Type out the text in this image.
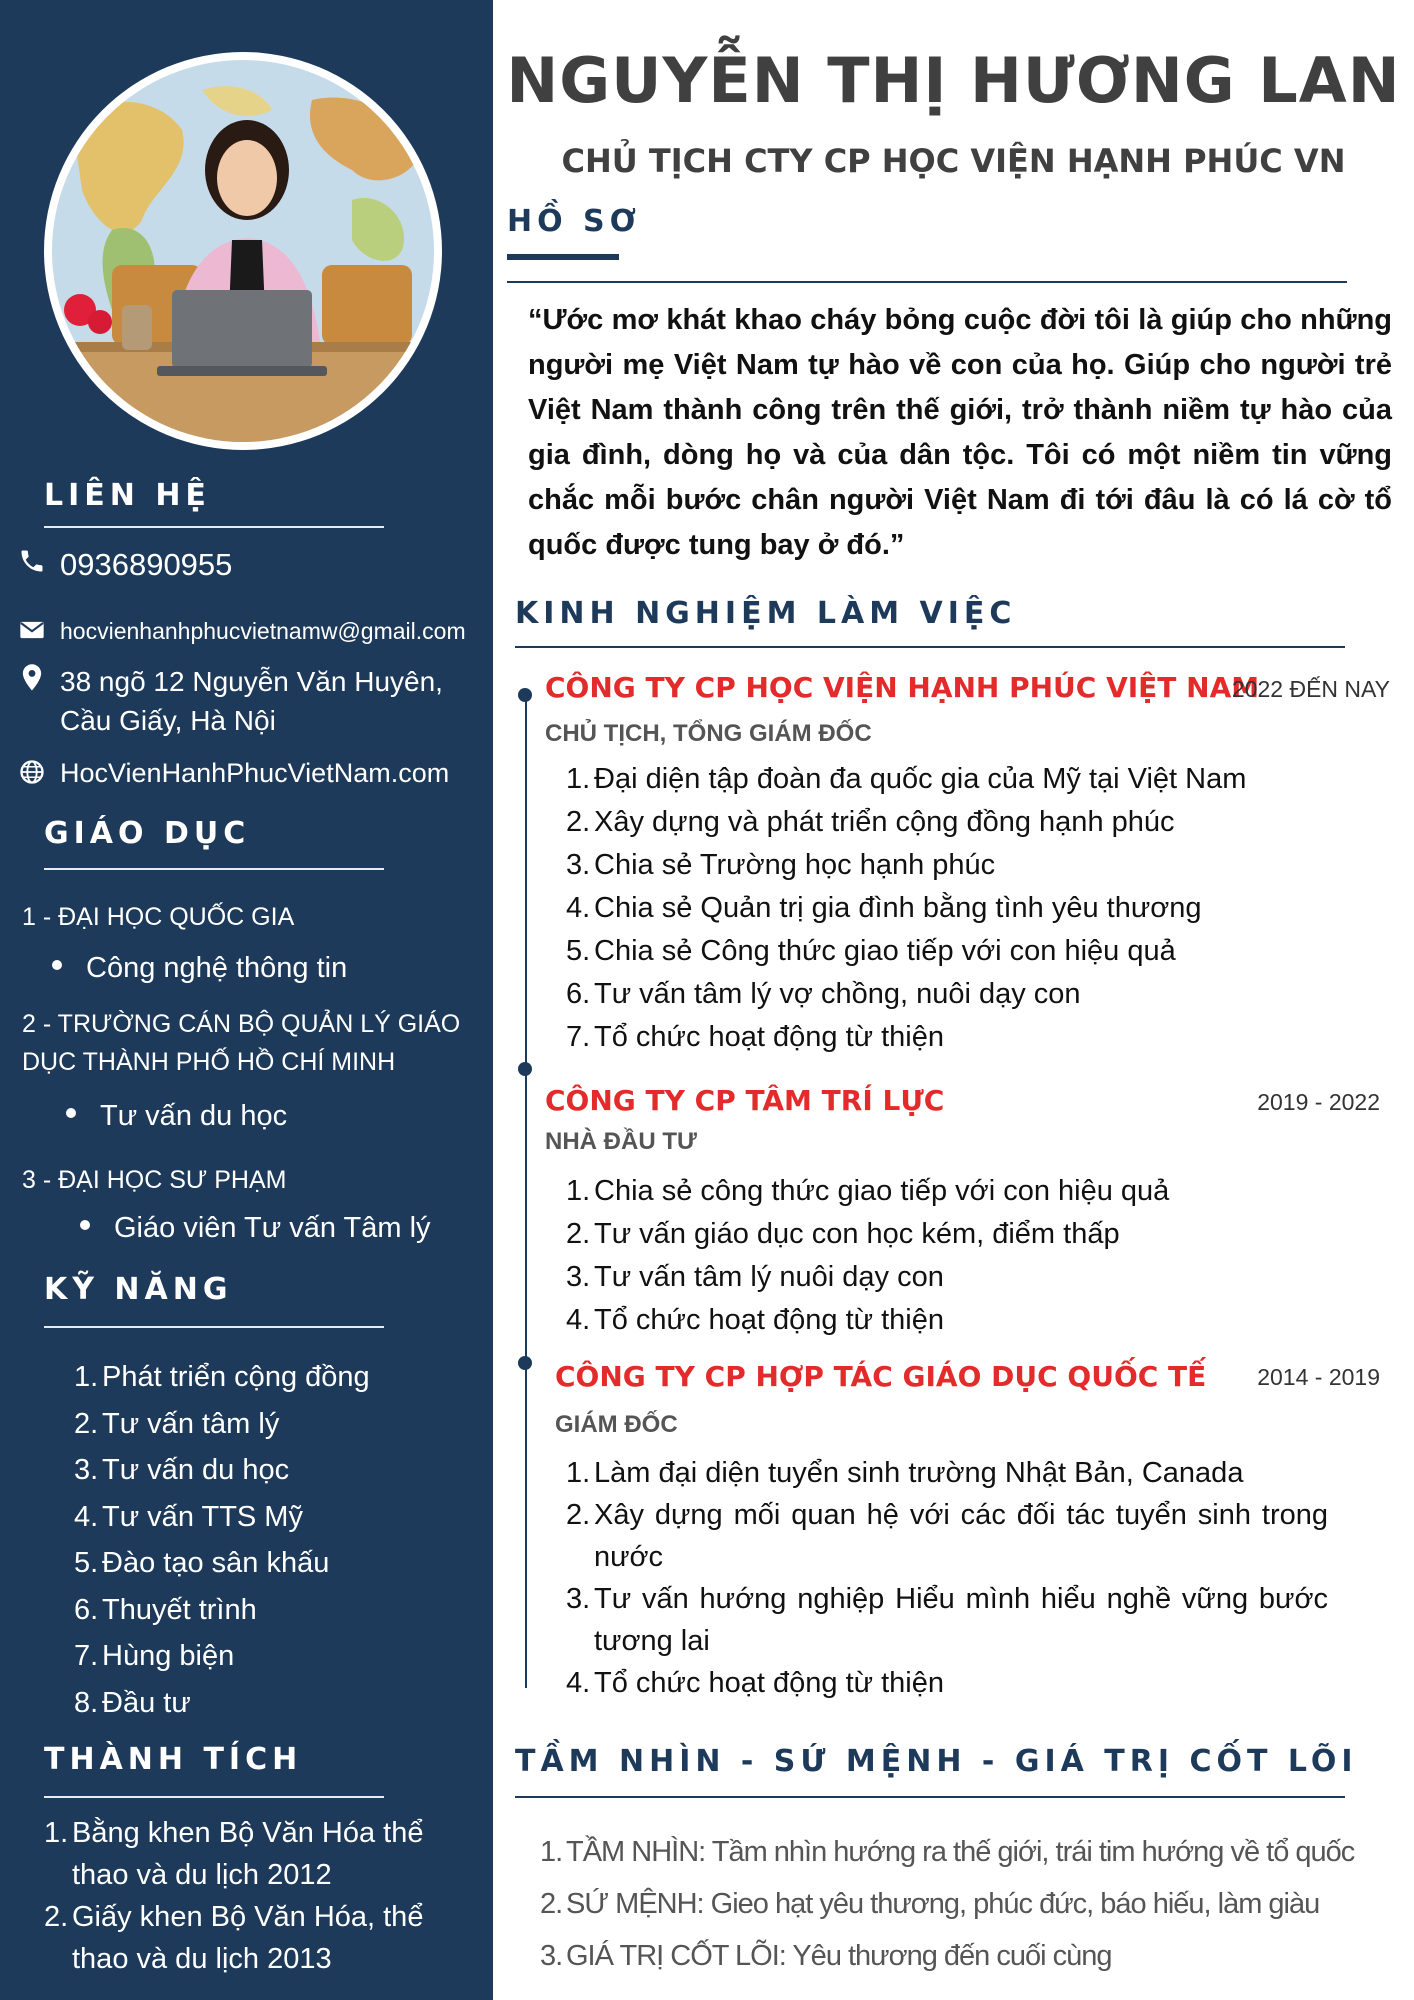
LIÊN HỆ
0936890955
hocvienhanhphucvietnamw@gmail.com
38 ngõ 12 Nguyễn Văn Huyên,
Cầu Giấy, Hà Nội
HocVienHanhPhucVietNam.com
GIÁO DỤC
1 - ĐẠI HỌC QUỐC GIA
Công nghệ thông tin
2 - TRƯỜNG CÁN BỘ QUẢN LÝ GIÁO DỤC THÀNH PHỐ HỒ CHÍ MINH
Tư vấn du học
3 - ĐẠI HỌC SƯ PHẠM
Giáo viên Tư vấn Tâm lý
KỸ NĂNG
1. Phát triển cộng đồng
2. Tư vấn tâm lý
3. Tư vấn du học
4. Tư vấn TTS Mỹ
5. Đào tạo sân khấu
6. Thuyết trình
7. Hùng biện
8. Đầu tư
THÀNH TÍCH
1. Bằng khen Bộ Văn Hóa thể thao và du lịch 2012
2. Giấy khen Bộ Văn Hóa, thể thao và du lịch 2013
NGUYỄN THỊ HƯƠNG LAN
CHỦ TỊCH CTY CP HỌC VIỆN HẠNH PHÚC VN
HỒ SƠ

“Ước mơ khát khao cháy bỏng cuộc đời tôi là giúp cho những người mẹ Việt Nam tự hào về con của họ. Giúp cho người trẻ Việt Nam thành công trên thế giới, trở thành niềm tự hào của gia đình, dòng họ và của dân tộc. Tôi có một niềm tin vững chắc mỗi bước chân người Việt Nam đi tới đâu là có lá cờ tổ quốc được tung bay ở đó.”

KINH NGHIỆM LÀM VIỆC
CÔNG TY CP HỌC VIỆN HẠNH PHÚC VIỆT NAM
2022 ĐẾN NAY
CHỦ TỊCH, TỔNG GIÁM ĐỐC
1. Đại diện tập đoàn đa quốc gia của Mỹ tại Việt Nam
2. Xây dựng và phát triển cộng đồng hạnh phúc
3. Chia sẻ Trường học hạnh phúc
4. Chia sẻ Quản trị gia đình bằng tình yêu thương
5. Chia sẻ Công thức giao tiếp với con hiệu quả
6. Tư vấn tâm lý vợ chồng, nuôi dạy con
7. Tổ chức hoạt động từ thiện
CÔNG TY CP TÂM TRÍ LỰC	2019 - 2022
NHÀ ĐẦU TƯ
1. Chia sẻ công thức giao tiếp với con hiệu quả
2. Tư vấn giáo dục con học kém, điểm thấp
3. Tư vấn tâm lý nuôi dạy con
4. Tổ chức hoạt động từ thiện
CÔNG TY CP HỢP TÁC GIÁO DỤC QUỐC TẾ 2014 - 2019
GIÁM ĐỐC
1. Làm đại diện tuyển sinh trường Nhật Bản, Canada
2. Xây dựng mối quan hệ với các đối tác tuyển sinh trong nước
3. Tư vấn hướng nghiệp Hiểu mình hiểu nghề vững bước tương lai
4. Tổ chức hoạt động từ thiện
TẦM NHÌN - SỨ MỆNH - GIÁ TRỊ CỐT LÕI
1. TẦM NHÌN: Tầm nhìn hướng ra thế giới, trái tim hướng về tổ quốc
2. SỨ MỆNH: Gieo hạt yêu thương, phúc đức, báo hiếu, làm giàu
3. GIÁ TRỊ CỐT LÕI: Yêu thương đến cuối cùng
